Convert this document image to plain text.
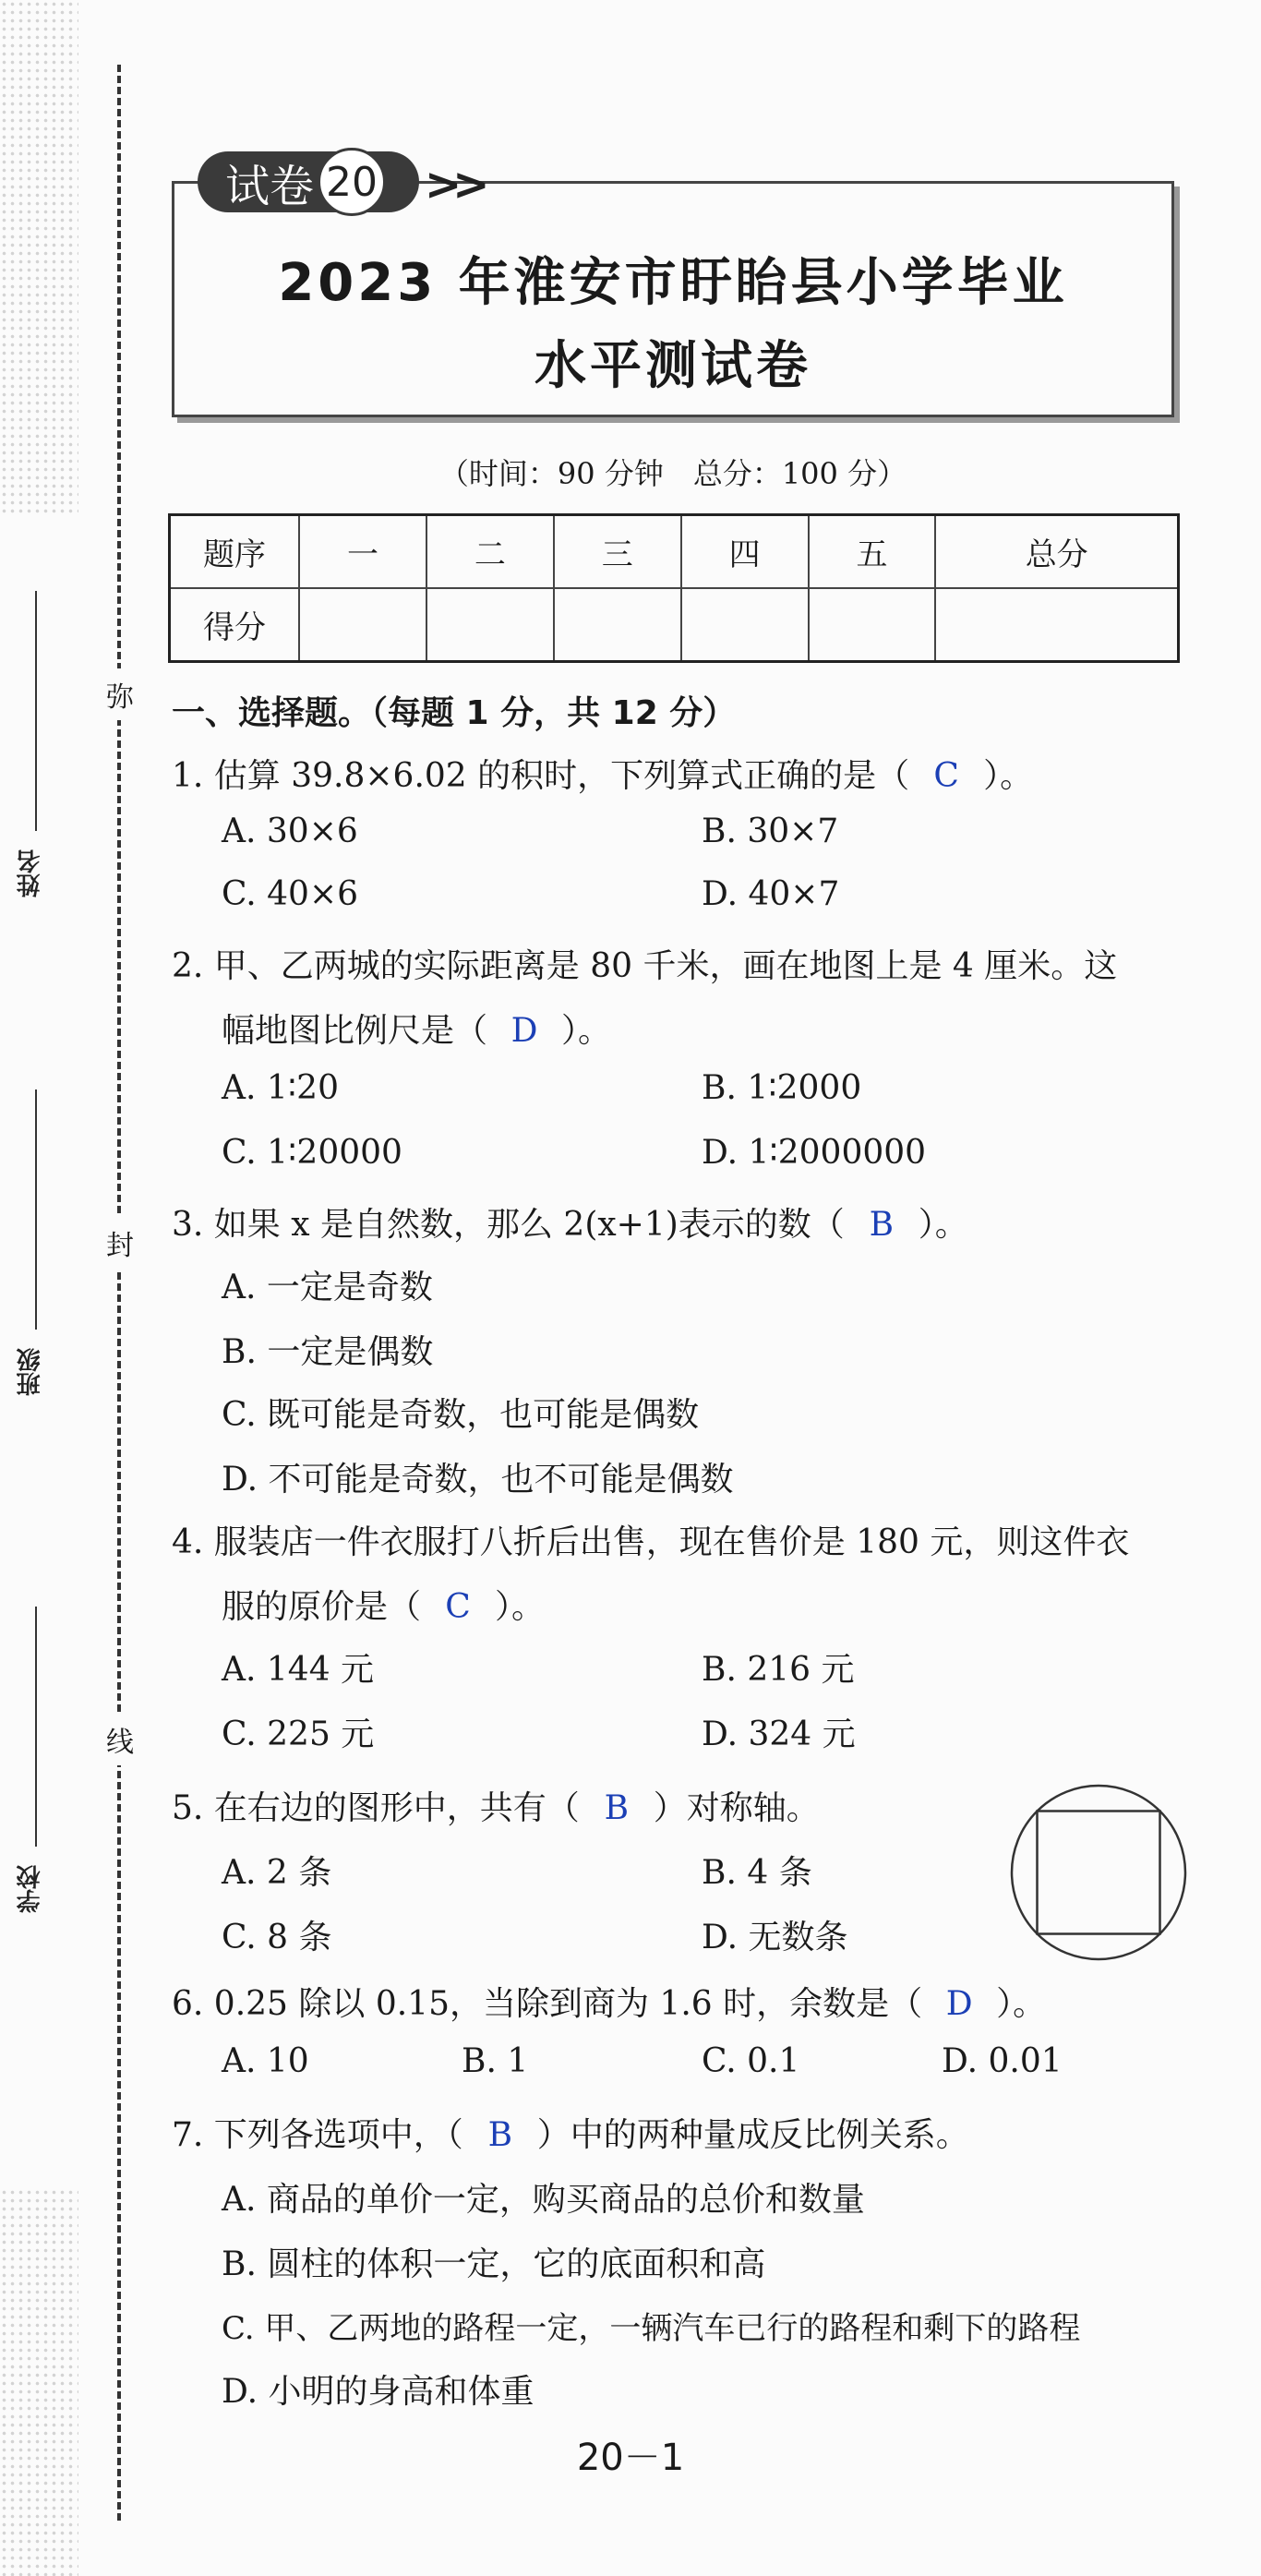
弥
封
线
姓名
班级
学校
试卷 20 >>
2023 年淮安市盱眙县小学毕业
水平测试卷
（时间：90 分钟　总分：100 分）
题序	一	二	三	四	五	总分
得分						
一、选择题。（每题 1 分，共 12 分）
1. 估算 39.8×6.02 的积时，下列算式正确的是（ C ）。
A. 30×6	B. 30×7
C. 40×6	D. 40×7
2. 甲、乙两城的实际距离是 80 千米，画在地图上是 4 厘米。这
幅地图比例尺是（ D ）。
A. 1∶20	B. 1∶2000
C. 1∶20000	D. 1∶2000000
3. 如果 x 是自然数，那么 2(x+1)表示的数（ B ）。
A. 一定是奇数
B. 一定是偶数
C. 既可能是奇数，也可能是偶数
D. 不可能是奇数，也不可能是偶数
4. 服装店一件衣服打八折后出售，现在售价是 180 元，则这件衣
服的原价是（ C ）。
A. 144 元	B. 216 元
C. 225 元	D. 324 元
5. 在右边的图形中，共有（ B ）对称轴。
A. 2 条	B. 4 条
C. 8 条	D. 无数条
6. 0.25 除以 0.15，当除到商为 1.6 时，余数是（ D ）。
A. 10	B. 1	C. 0.1	D. 0.01
7. 下列各选项中，（ B ）中的两种量成反比例关系。
A. 商品的单价一定，购买商品的总价和数量
B. 圆柱的体积一定，它的底面积和高
C. 甲、乙两地的路程一定，一辆汽车已行的路程和剩下的路程
D. 小明的身高和体重
20－1
